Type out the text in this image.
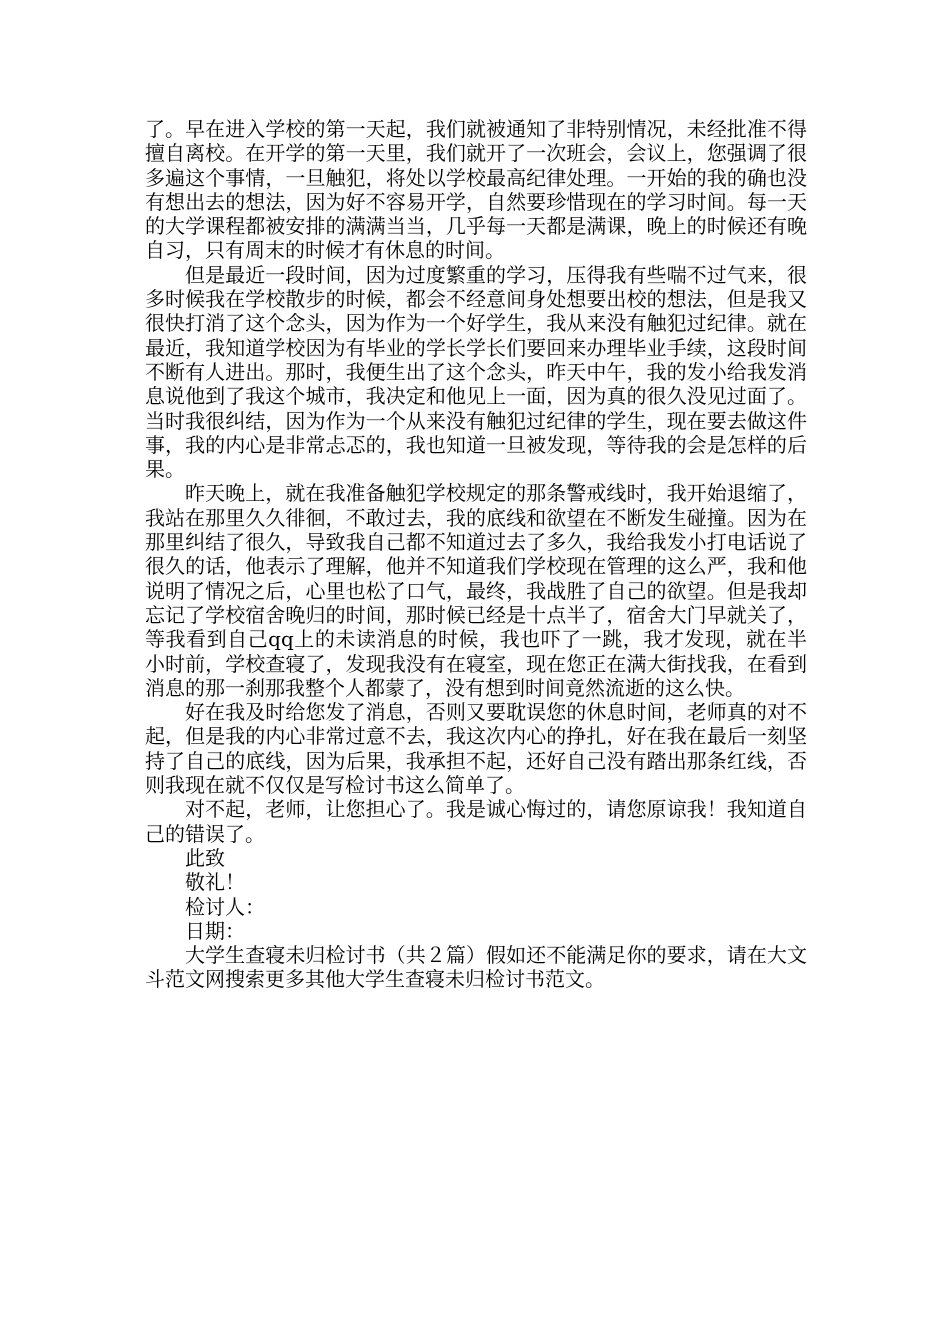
了。早在进入学校的第一天起，我们就被通知了非特别情况，未经批准不得擅自离校。在开学的第一天里，我们就开了一次班会，会议上，您强调了很多遍这个事情，一旦触犯，将处以学校最高纪律处理。一开始的我的确也没有想出去的想法，因为好不容易开学，自然要珍惜现在的学习时间。每一天的大学课程都被安排的满满当当，几乎每一天都是满课，晚上的时候还有晚自习，只有周末的时候才有休息的时间。

但是最近一段时间，因为过度繁重的学习，压得我有些喘不过气来，很多时候我在学校散步的时候，都会不经意间身处想要出校的想法，但是我又很快打消了这个念头，因为作为一个好学生，我从来没有触犯过纪律。就在最近，我知道学校因为有毕业的学长学长们要回来办理毕业手续，这段时间不断有人进出。那时，我便生出了这个念头，昨天中午，我的发小给我发消息说他到了我这个城市，我决定和他见上一面，因为真的很久没见过面了。当时我很纠结，因为作为一个从来没有触犯过纪律的学生，现在要去做这件事，我的内心是非常忐忑的，我也知道一旦被发现，等待我的会是怎样的后果。

昨天晚上，就在我准备触犯学校规定的那条警戒线时，我开始退缩了，我站在那里久久徘徊，不敢过去，我的底线和欲望在不断发生碰撞。因为在那里纠结了很久，导致我自己都不知道过去了多久，我给我发小打电话说了很久的话，他表示了理解，他并不知道我们学校现在管理的这么严，我和他说明了情况之后，心里也松了口气，最终，我战胜了自己的欲望。但是我却忘记了学校宿舍晚归的时间，那时候已经是十点半了，宿舍大门早就关了，等我看到自己qq上的未读消息的时候，我也吓了一跳，我才发现，就在半小时前，学校查寝了，发现我没有在寝室，现在您正在满大街找我，在看到消息的那一刹那我整个人都蒙了，没有想到时间竟然流逝的这么快。

好在我及时给您发了消息，否则又要耽误您的休息时间，老师真的对不起，但是我的内心非常过意不去，我这次内心的挣扎，好在我在最后一刻坚持了自己的底线，因为后果，我承担不起，还好自己没有踏出那条红线，否则我现在就不仅仅是写检讨书这么简单了。

对不起，老师，让您担心了。我是诚心悔过的，请您原谅我！我知道自己的错误了。

此致
敬礼！
检讨人：
日期：

大学生查寝未归检讨书（共２篇）假如还不能满足你的要求，请在大文斗范文网搜索更多其他大学生查寝未归检讨书范文。
